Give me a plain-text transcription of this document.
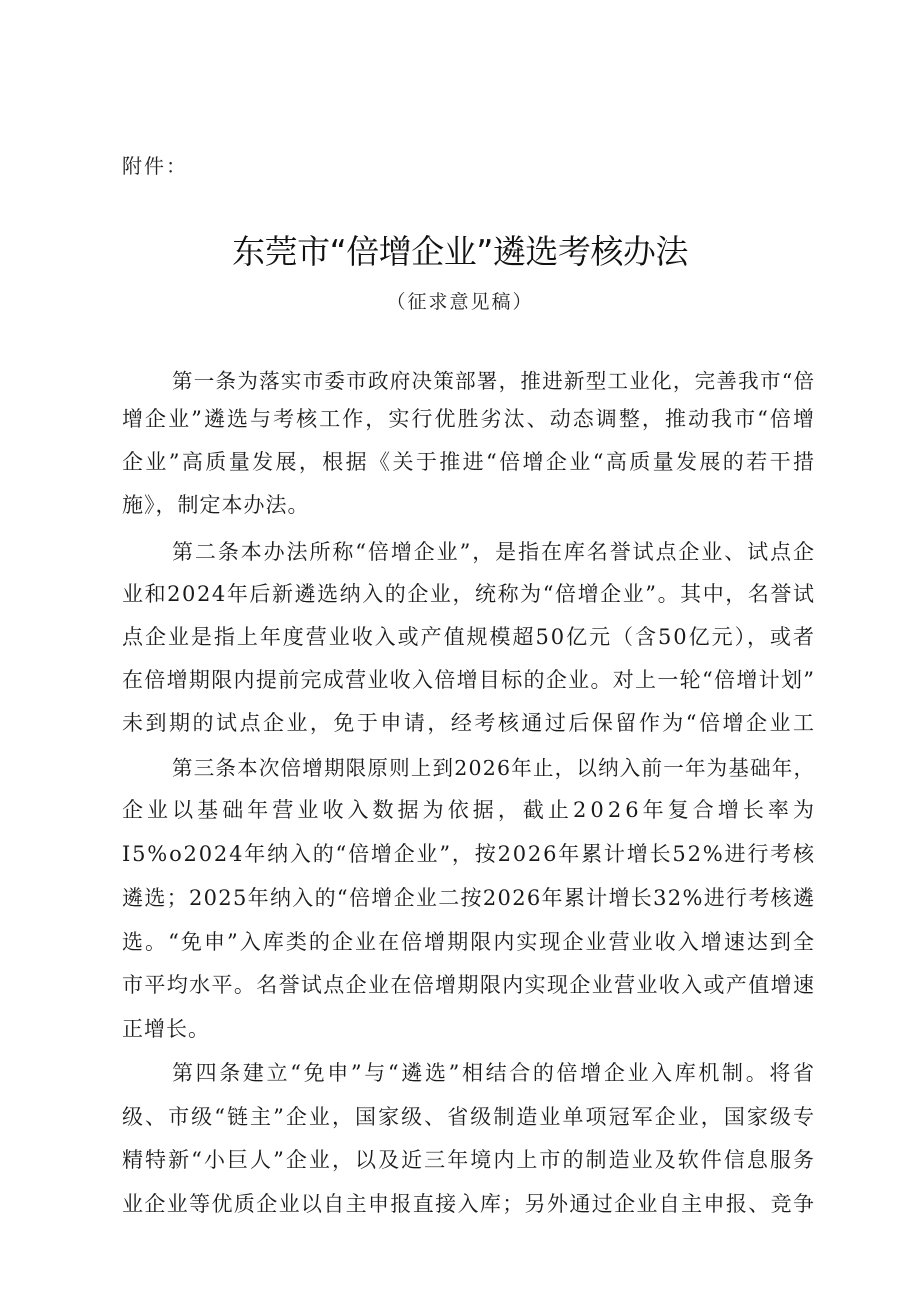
附件：
东莞市“倍增企业”遴选考核办法
（征求意见稿）
第一条为落实市委市政府决策部署，推进新型工业化，完善我市“倍
增企业”遴选与考核工作，实行优胜劣汰、动态调整，推动我市“倍增
企业”高质量发展，根据《关于推进“倍增企业“高质量发展的若干措
施》，制定本办法。
第二条本办法所称“倍增企业”，是指在库名誉试点企业、试点企
业和2024年后新遴选纳入的企业，统称为“倍增企业”。其中，名誉试
点企业是指上年度营业收入或产值规模超50亿元（含50亿元），或者
在倍增期限内提前完成营业收入倍增目标的企业。对上一轮“倍增计划”
未到期的试点企业，免于申请，经考核通过后保留作为“倍增企业工
第三条本次倍增期限原则上到2026年止，以纳入前一年为基础年，
企业以基础年营业收入数据为依据，截止2026年复合增长率为
I5%o2024年纳入的“倍增企业”，按2026年累计增长52%进行考核
遴选；2025年纳入的“倍增企业二按2026年累计增长32%进行考核遴
选。“免申”入库类的企业在倍增期限内实现企业营业收入增速达到全
市平均水平。名誉试点企业在倍增期限内实现企业营业收入或产值增速
正增长。
第四条建立“免申”与“遴选”相结合的倍增企业入库机制。将省
级、市级“链主”企业，国家级、省级制造业单项冠军企业，国家级专
精特新“小巨人”企业，以及近三年境内上市的制造业及软件信息服务
业企业等优质企业以自主申报直接入库；另外通过企业自主申报、竞争
